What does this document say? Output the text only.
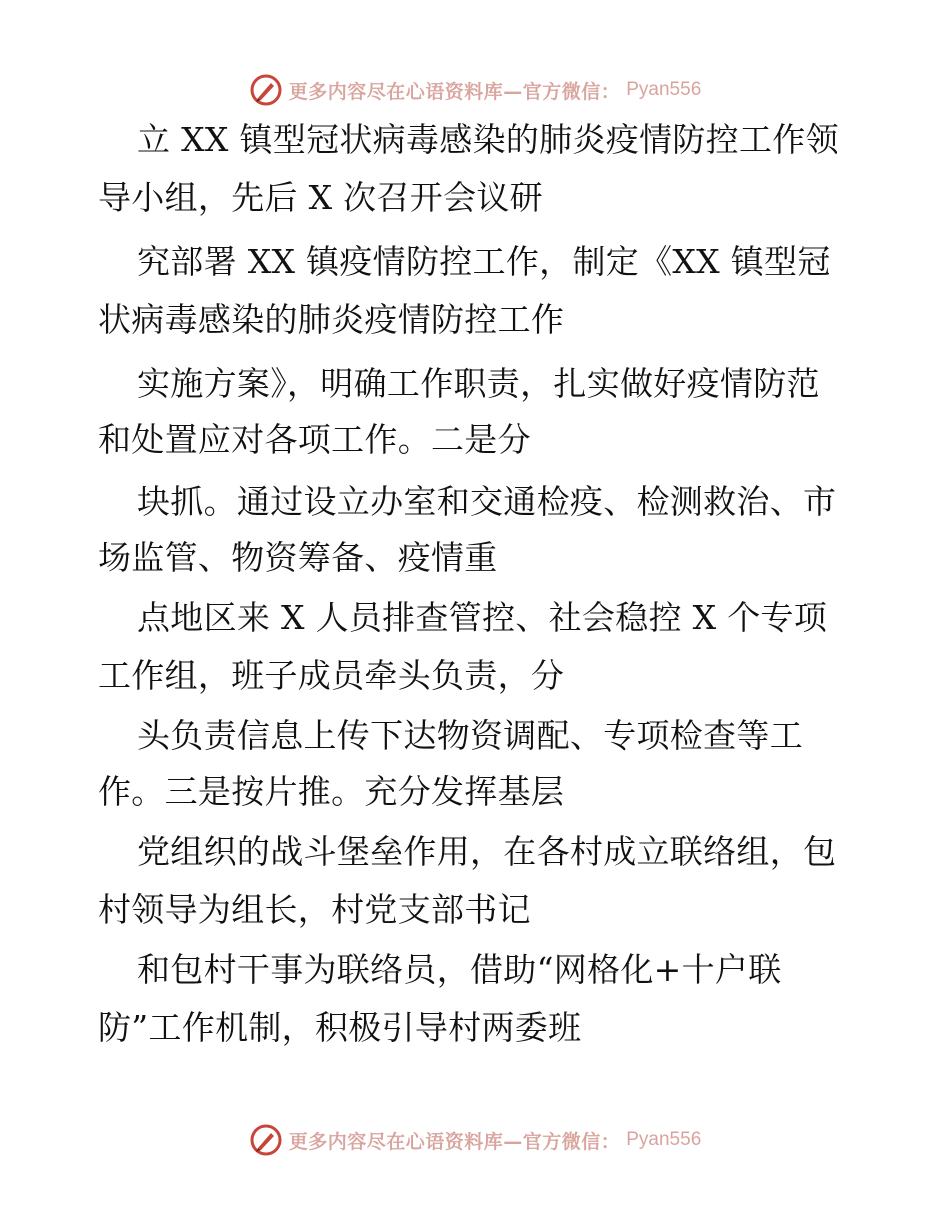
更多内容尽在心语资料库—官方微信： Pyan556
立 XX 镇型冠状病毒感染的肺炎疫情防控工作领
导小组，先后 X 次召开会议研
究部署 XX 镇疫情防控工作，制定《XX 镇型冠
状病毒感染的肺炎疫情防控工作
实施方案》，明确工作职责，扎实做好疫情防范
和处置应对各项工作。二是分
块抓。通过设立办室和交通检疫、检测救治、市
场监管、物资筹备、疫情重
点地区来 X 人员排查管控、社会稳控 X 个专项
工作组，班子成员牵头负责，分
头负责信息上传下达物资调配、专项检查等工
作。三是按片推。充分发挥基层
党组织的战斗堡垒作用，在各村成立联络组，包
村领导为组长，村党支部书记
和包村干事为联络员，借助“网格化+十户联
防”工作机制，积极引导村两委班
更多内容尽在心语资料库—官方微信： Pyan556
